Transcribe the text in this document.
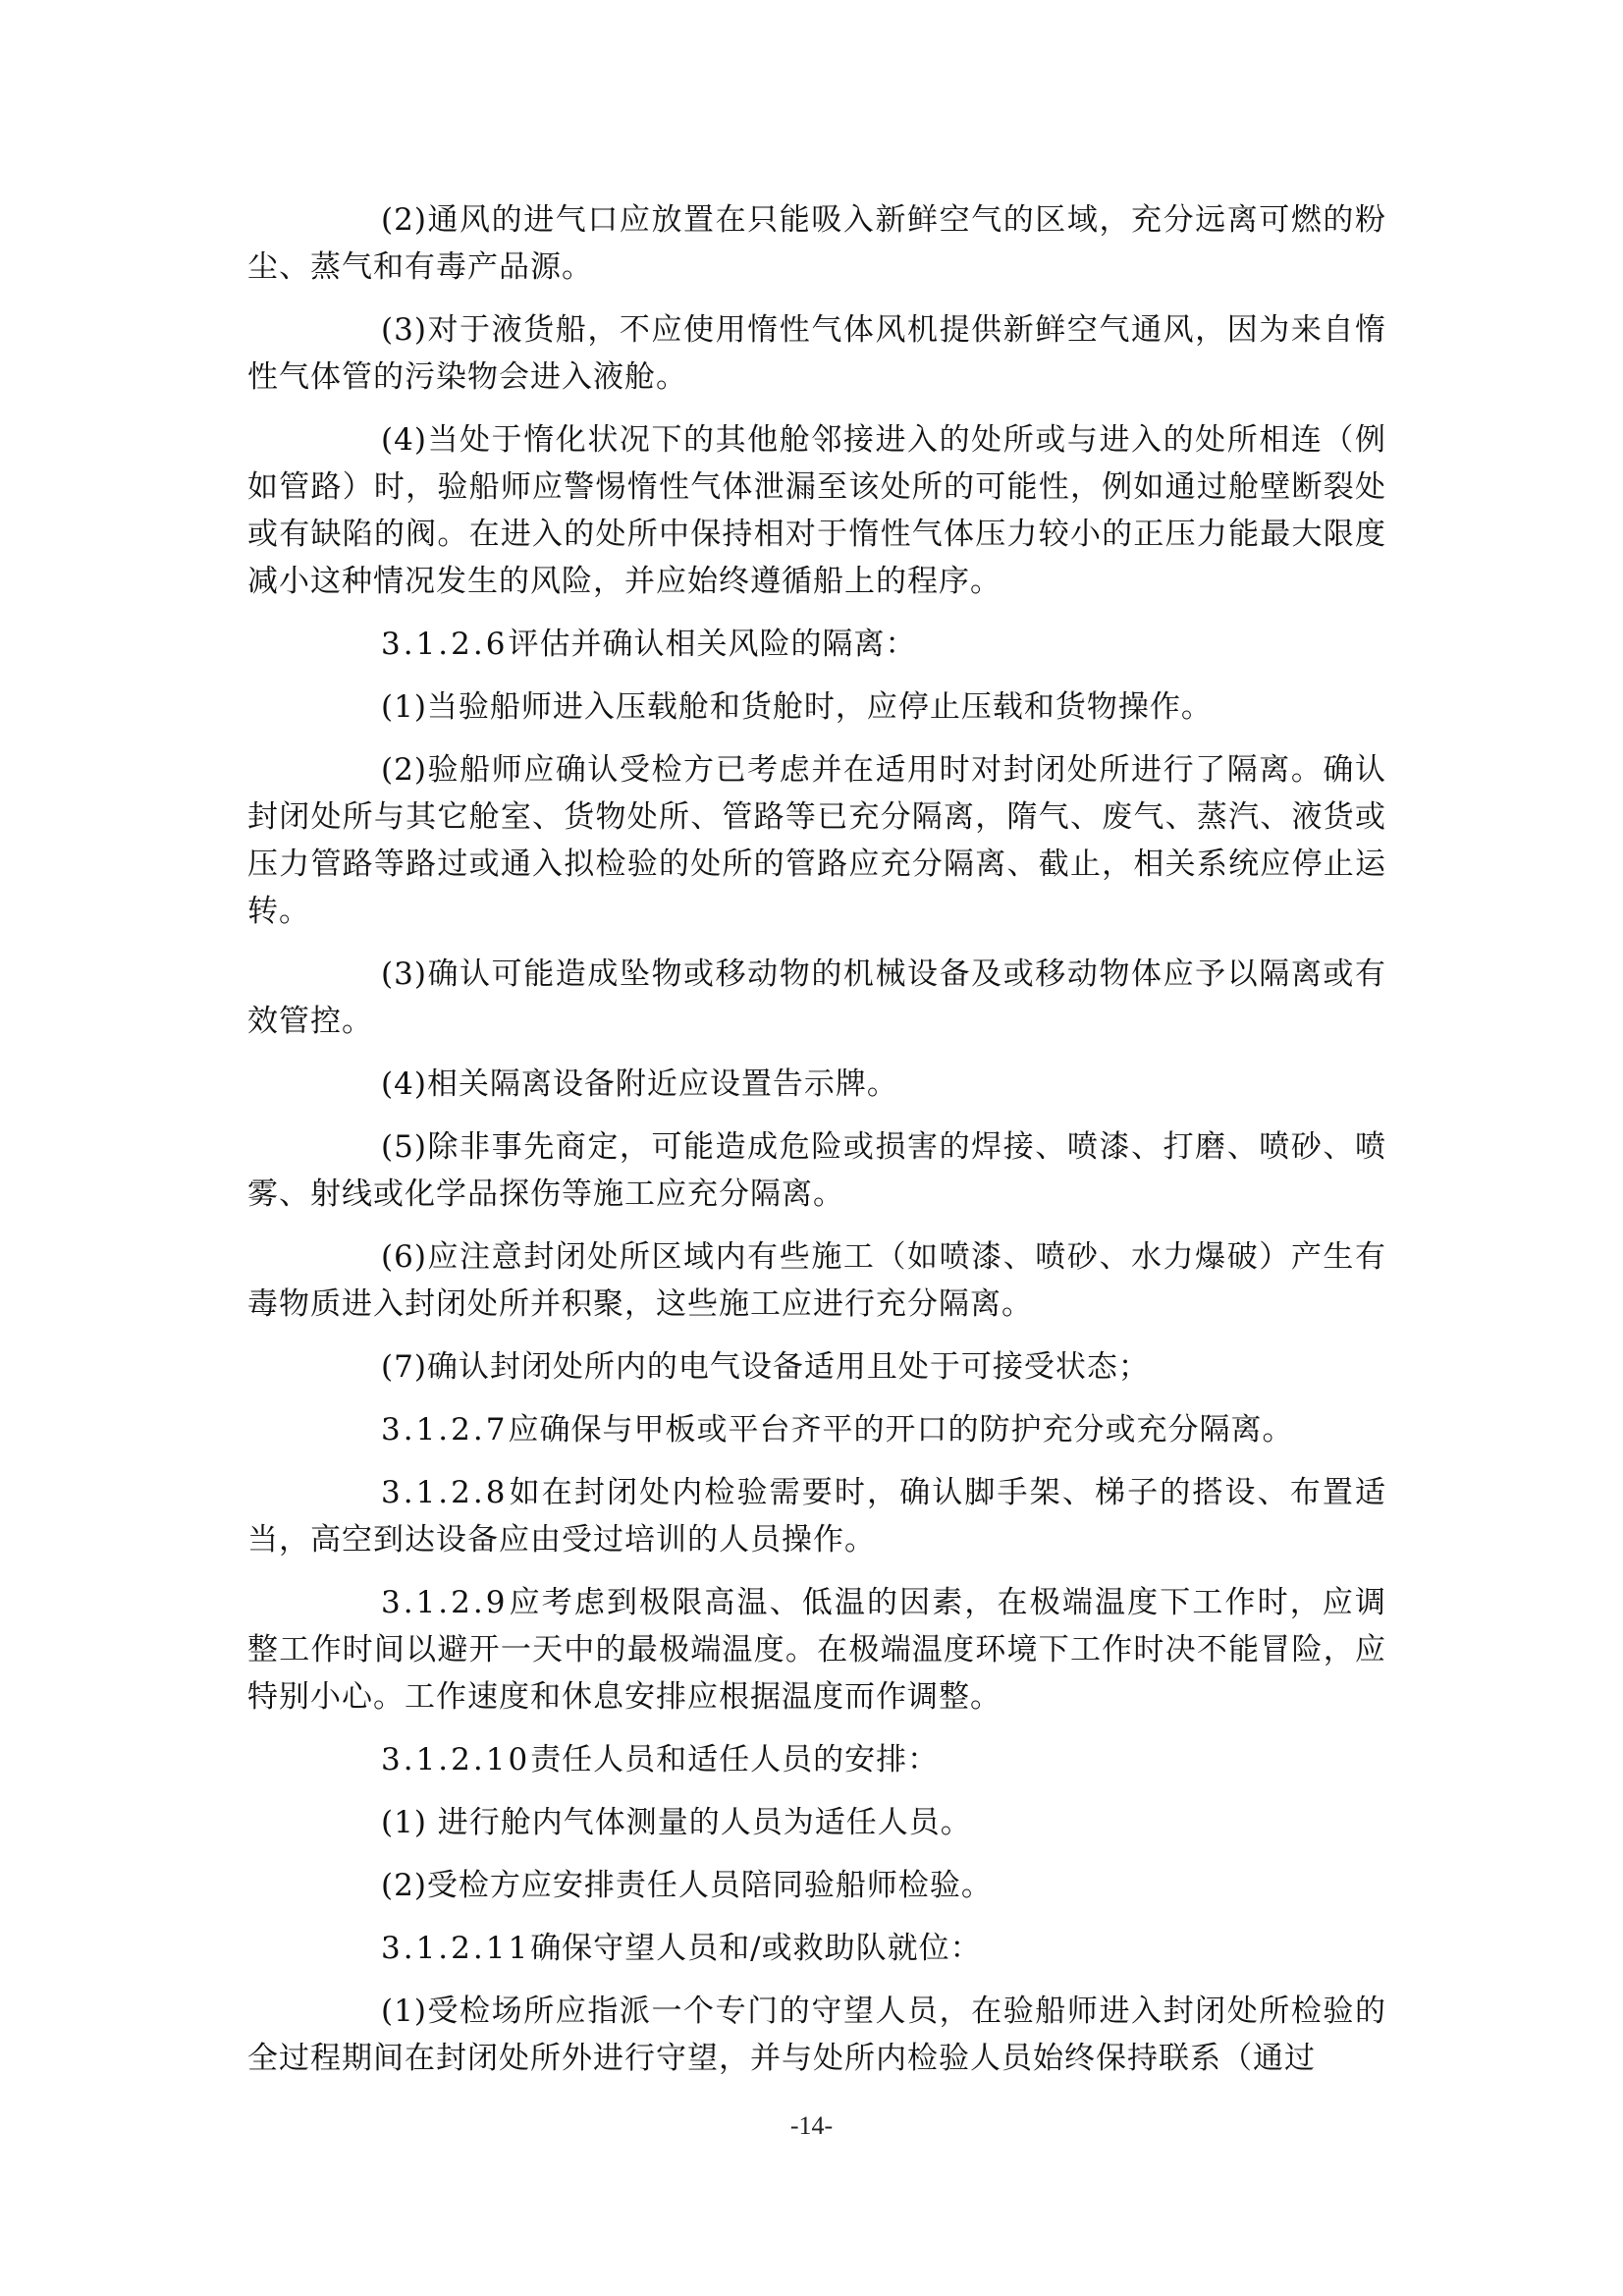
(2)通风的进气口应放置在只能吸入新鲜空气的区域，充分远离可燃的粉尘、蒸气和有毒产品源。

(3)对于液货船，不应使用惰性气体风机提供新鲜空气通风，因为来自惰性气体管的污染物会进入液舱。

(4)当处于惰化状况下的其他舱邻接进入的处所或与进入的处所相连（例如管路）时，验船师应警惕惰性气体泄漏至该处所的可能性，例如通过舱壁断裂处或有缺陷的阀。在进入的处所中保持相对于惰性气体压力较小的正压力能最大限度减小这种情况发生的风险，并应始终遵循船上的程序。

3.1.2.6评估并确认相关风险的隔离：

(1)当验船师进入压载舱和货舱时，应停止压载和货物操作。

(2)验船师应确认受检方已考虑并在适用时对封闭处所进行了隔离。确认封闭处所与其它舱室、货物处所、管路等已充分隔离，隋气、废气、蒸汽、液货或压力管路等路过或通入拟检验的处所的管路应充分隔离、截止，相关系统应停止运转。

(3)确认可能造成坠物或移动物的机械设备及或移动物体应予以隔离或有效管控。

(4)相关隔离设备附近应设置告示牌。

(5)除非事先商定，可能造成危险或损害的焊接、喷漆、打磨、喷砂、喷雾、射线或化学品探伤等施工应充分隔离。

(6)应注意封闭处所区域内有些施工（如喷漆、喷砂、水力爆破）产生有毒物质进入封闭处所并积聚，这些施工应进行充分隔离。

(7)确认封闭处所内的电气设备适用且处于可接受状态；

3.1.2.7应确保与甲板或平台齐平的开口的防护充分或充分隔离。

3.1.2.8如在封闭处内检验需要时，确认脚手架、梯子的搭设、布置适当，高空到达设备应由受过培训的人员操作。

3.1.2.9应考虑到极限高温、低温的因素，在极端温度下工作时，应调整工作时间以避开一天中的最极端温度。在极端温度环境下工作时决不能冒险，应特别小心。工作速度和休息安排应根据温度而作调整。

3.1.2.10责任人员和适任人员的安排：

(1) 进行舱内气体测量的人员为适任人员。

(2)受检方应安排责任人员陪同验船师检验。

3.1.2.11确保守望人员和/或救助队就位：

(1)受检场所应指派一个专门的守望人员，在验船师进入封闭处所检验的全过程期间在封闭处所外进行守望，并与处所内检验人员始终保持联系（通过

-14-
